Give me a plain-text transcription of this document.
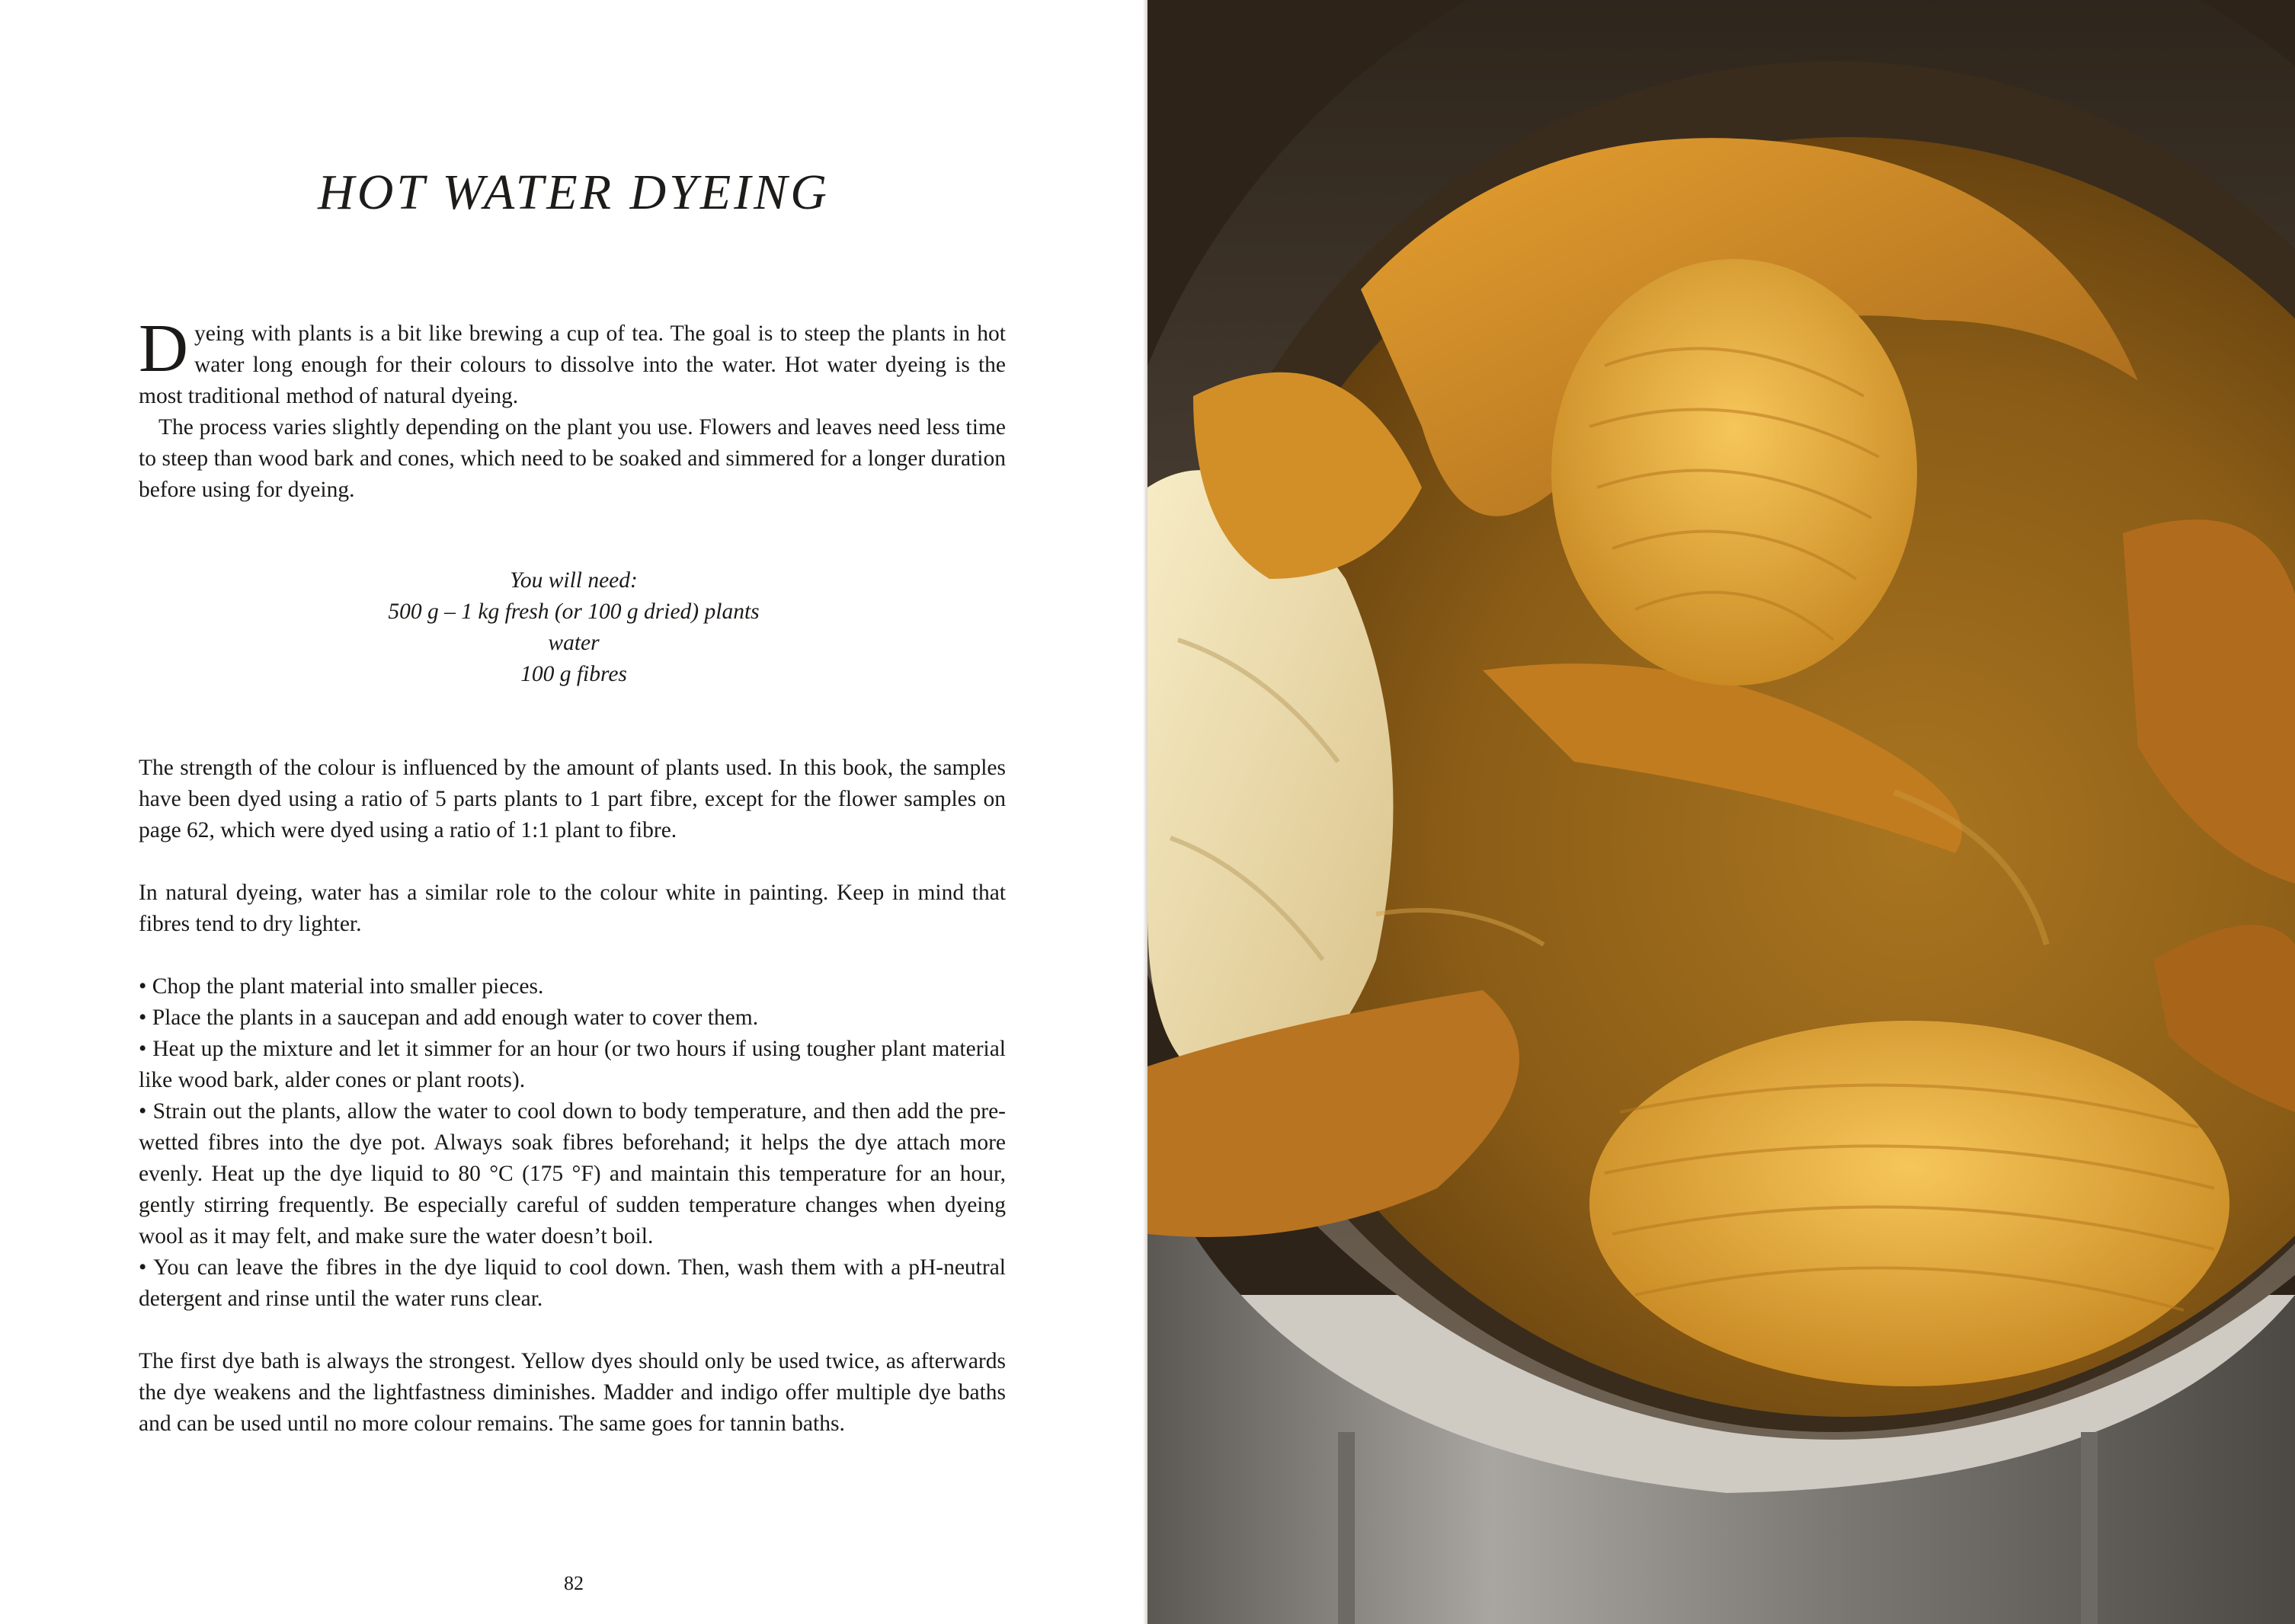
HOT WATER DYEING

Dyeing with plants is a bit like brewing a cup of tea. The goal is to steep the plants in hot water long enough for their colours to dissolve into the water. Hot water dyeing is the most traditional method of natural dyeing.

The process varies slightly depending on the plant you use. Flowers and leaves need less time to steep than wood bark and cones, which need to be soaked and simmered for a longer duration before using for dyeing.

You will need:
500 g – 1 kg fresh (or 100 g dried) plants
water
100 g fibres

The strength of the colour is influenced by the amount of plants used. In this book, the samples have been dyed using a ratio of 5 parts plants to 1 part fibre, except for the flower samples on page 62, which were dyed using a ratio of 1:1 plant to fibre.

In natural dyeing, water has a similar role to the colour white in painting. Keep in mind that fibres tend to dry lighter.

• Chop the plant material into smaller pieces.

• Place the plants in a saucepan and add enough water to cover them.

• Heat up the mixture and let it simmer for an hour (or two hours if using tougher plant material like wood bark, alder cones or plant roots).

• Strain out the plants, allow the water to cool down to body temperature, and then add the pre-wetted fibres into the dye pot. Always soak fibres beforehand; it helps the dye attach more evenly. Heat up the dye liquid to 80 °C (175 °F) and maintain this temperature for an hour, gently stirring frequently. Be especially careful of sudden temperature changes when dyeing wool as it may felt, and make sure the water doesn’t boil.

• You can leave the fibres in the dye liquid to cool down. Then, wash them with a pH-neutral detergent and rinse until the water runs clear.

The first dye bath is always the strongest. Yellow dyes should only be used twice, as afterwards the dye weakens and the lightfastness diminishes. Madder and indigo offer multiple dye baths and can be used until no more colour remains. The same goes for tannin baths.

82
